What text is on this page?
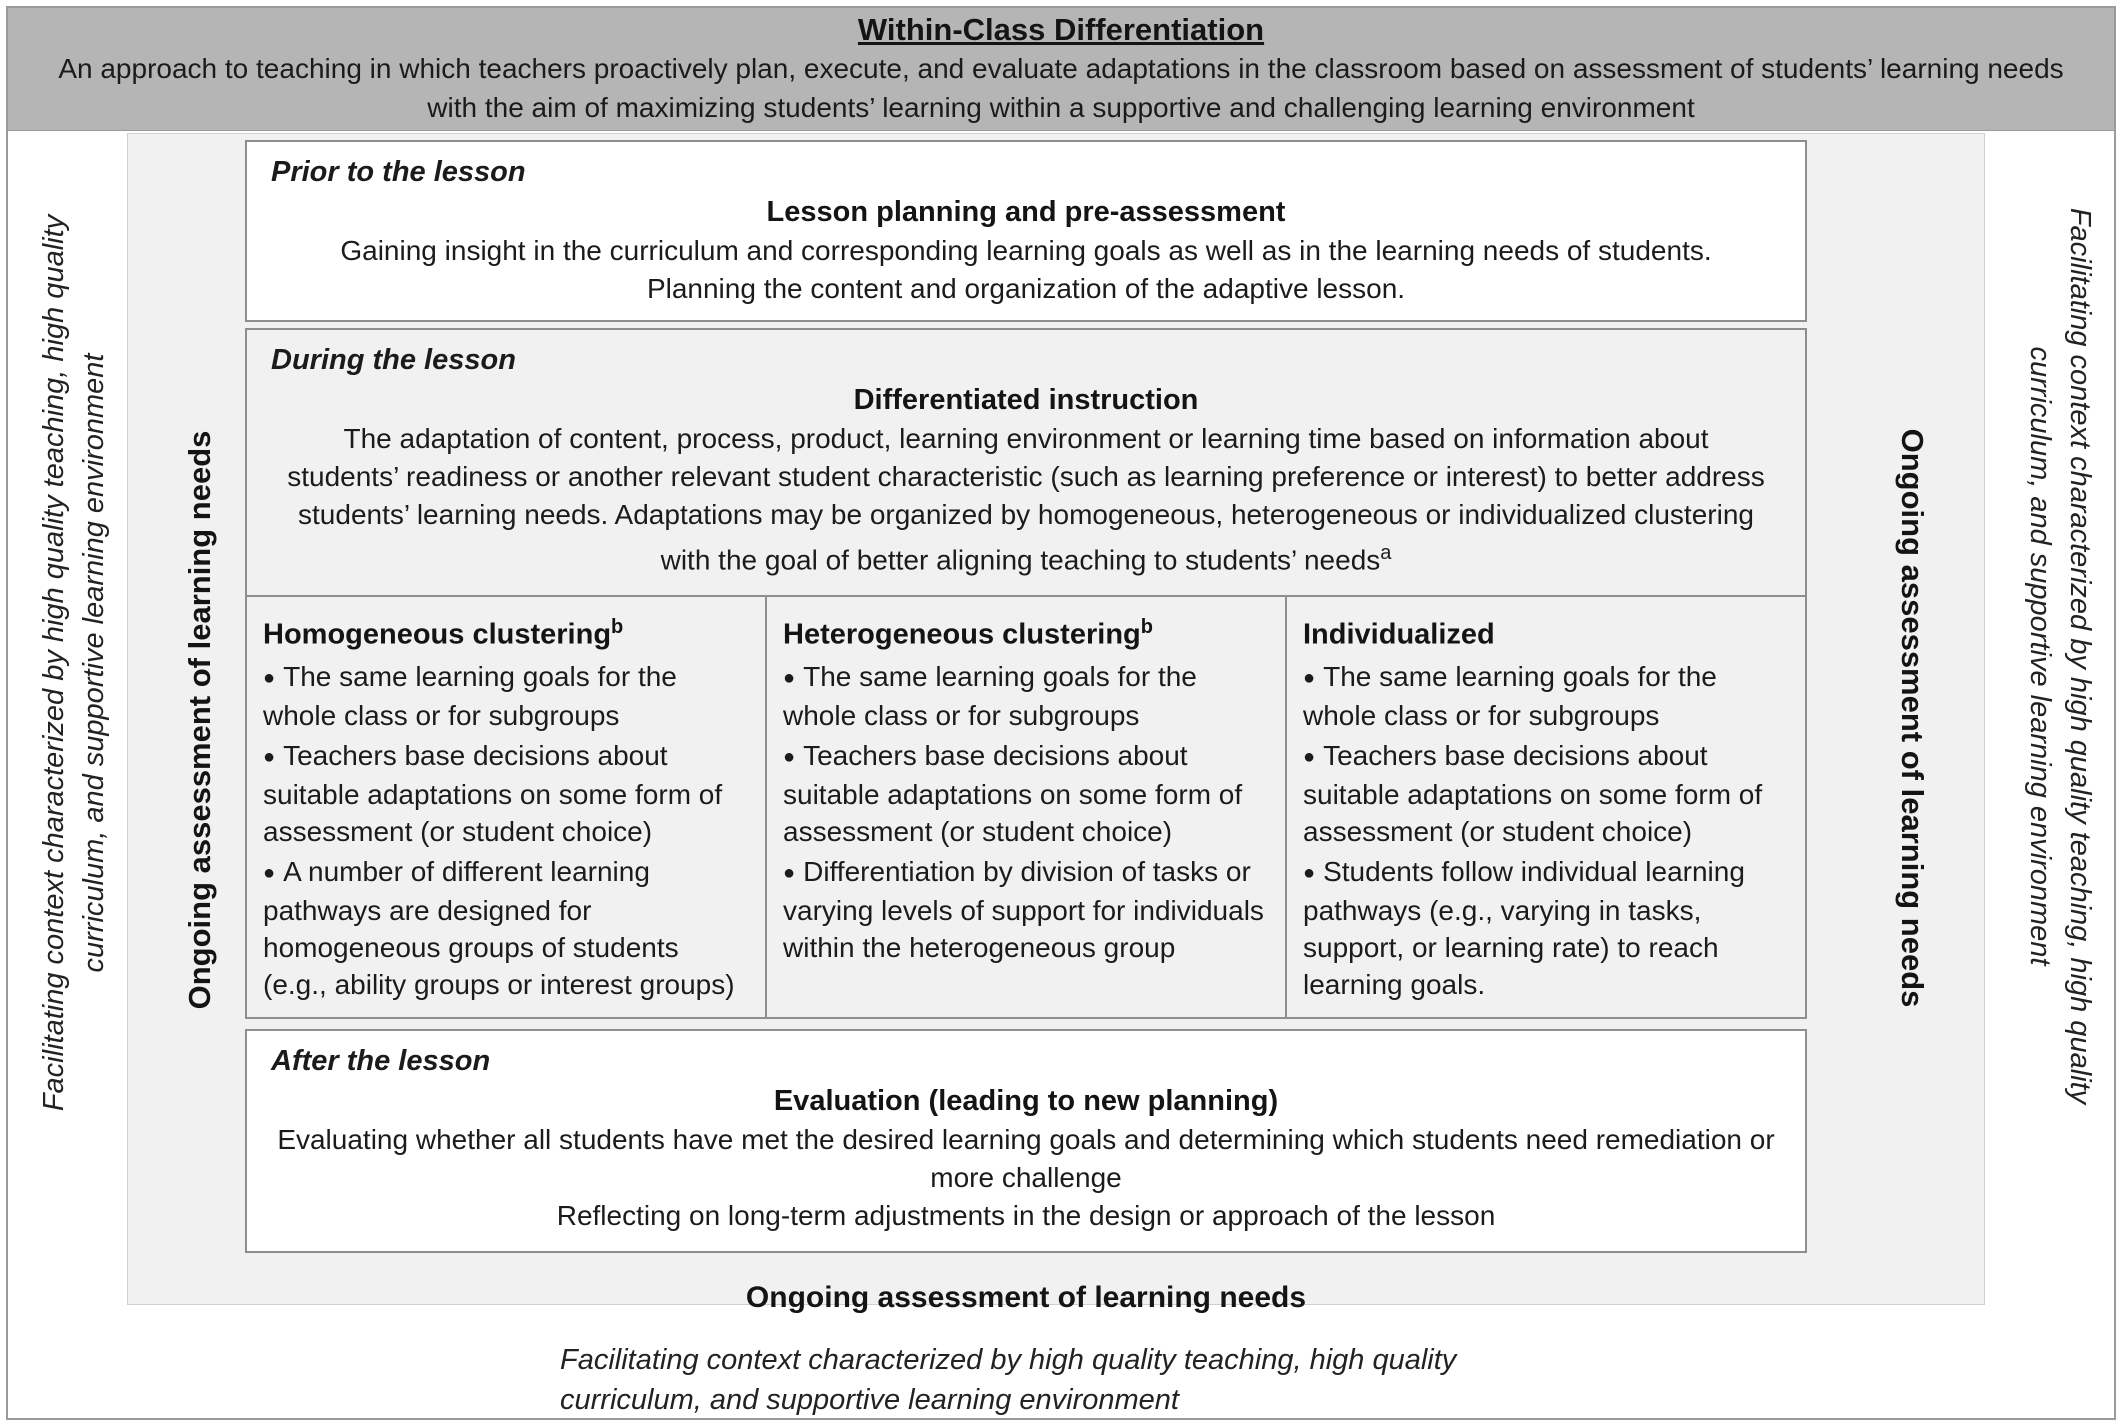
Within-Class Differentiation
An approach to teaching in which teachers proactively plan, execute, and evaluate adaptations in the classroom based on assessment of students’ learning needs
with the aim of maximizing students’ learning within a supportive and challenging learning environment
Facilitating context characterized by high quality teaching, high quality curriculum, and supportive learning environment Ongoing assessment of learning needs	Ongoing assessment of learning needs	Facilitating context characterized by high quality teaching, high quality
curriculum, and supportive learning environment
Prior to the lesson
Lesson planning and pre-assessment
Gaining insight in the curriculum and corresponding learning goals as well as in the learning needs of students.
Planning the content and organization of the adaptive lesson.
During the lesson
Differentiated instruction
The adaptation of content, process, product, learning environment or learning time based on information about students’ readiness or another relevant student characteristic (such as learning preference or interest) to better address students’ learning needs. Adaptations may be organized by homogeneous, heterogeneous or individualized clustering with the goal of better aligning teaching to students’ needs$^a$
Homogeneous clustering$^b$
● The same learning goals for the whole class or for subgroups
● Teachers base decisions about suitable adaptations on some form of assessment (or student choice)
● A number of different learning pathways are designed for homogeneous groups of students (e.g., ability groups or interest groups)
Heterogeneous clustering$^b$
● The same learning goals for the whole class or for subgroups
● Teachers base decisions about suitable adaptations on some form of assessment (or student choice)
● Differentiation by division of tasks or varying levels of support for individuals within the heterogeneous group
Individualized
● The same learning goals for the whole class or for subgroups
● Teachers base decisions about suitable adaptations on some form of assessment (or student choice)
● Students follow individual learning pathways (e.g., varying in tasks, support, or learning rate) to reach learning goals.
After the lesson
Evaluation (leading to new planning)
Evaluating whether all students have met the desired learning goals and determining which students need remediation or more challenge
Reflecting on long-term adjustments in the design or approach of the lesson
Ongoing assessment of learning needs
Facilitating context characterized by high quality teaching, high quality
curriculum, and supportive learning environment
